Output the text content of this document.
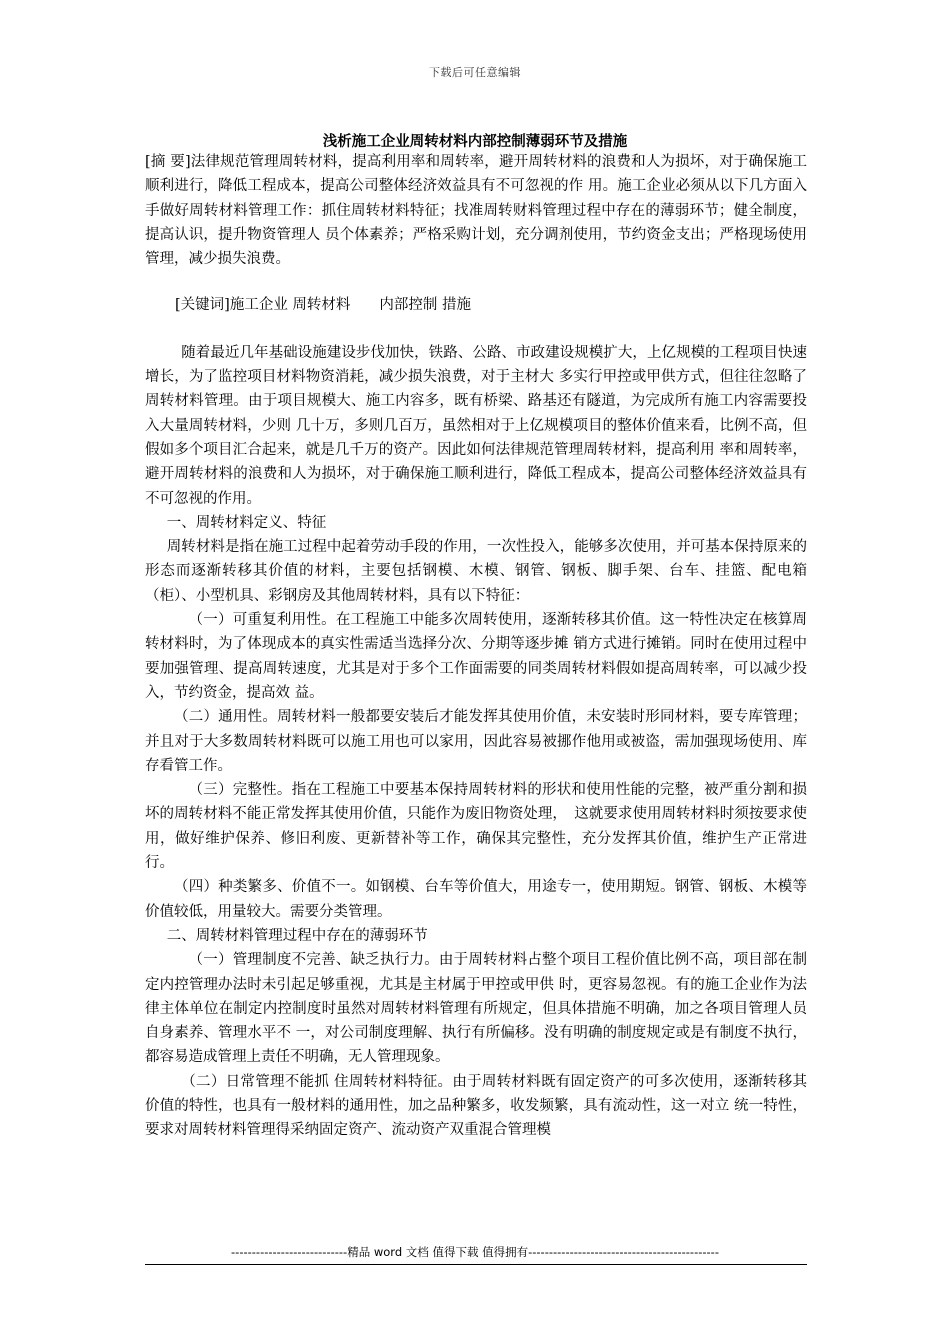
下载后可任意编辑
浅析施工企业周转材料内部控制薄弱环节及措施

[摘 要]法律规范管理周转材料，提高利用率和周转率，避开周转材料的浪费和人为损坏，对于确保施工顺利进行，降低工程成本，提高公司整体经济效益具有不可忽视的作 用。施工企业必须从以下几方面入手做好周转材料管理工作：抓住周转材料特征；找准周转财料管理过程中存在的薄弱环节；健全制度，提高认识，提升物资管理人 员个体素养；严格采购计划，充分调剂使用，节约资金支出；严格现场使用管理，减少损失浪费。

[关键词]施工企业 周转材料　　内部控制 措施

随着最近几年基础设施建设步伐加快，铁路、公路、市政建设规模扩大，上亿规模的工程项目快速增长，为了监控项目材料物资消耗，减少损失浪费，对于主材大 多实行甲控或甲供方式，但往往忽略了周转材料管理。由于项目规模大、施工内容多，既有桥梁、路基还有隧道，为完成所有施工内容需要投入大量周转材料，少则 几十万，多则几百万，虽然相对于上亿规模项目的整体价值来看，比例不高，但假如多个项目汇合起来，就是几千万的资产。因此如何法律规范管理周转材料，提高利用 率和周转率，避开周转材料的浪费和人为损坏，对于确保施工顺利进行，降低工程成本，提高公司整体经济效益具有不可忽视的作用。

一、周转材料定义、特征

周转材料是指在施工过程中起着劳动手段的作用，一次性投入，能够多次使用，并可基本保持原来的形态而逐渐转移其价值的材料，主要包括钢模、木模、钢管、钢板、脚手架、台车、挂篮、配电箱（柜）、小型机具、彩钢房及其他周转材料，具有以下特征：

（一）可重复利用性。在工程施工中能多次周转使用，逐渐转移其价值。这一特性决定在核算周转材料时，为了体现成本的真实性需适当选择分次、分期等逐步摊 销方式进行摊销。同时在使用过程中要加强管理、提高周转速度，尤其是对于多个工作面需要的同类周转材料假如提高周转率，可以减少投入，节约资金，提高效 益。

（二）通用性。周转材料一般都要安装后才能发挥其使用价值，未安装时形同材料，要专库管理；并且对于大多数周转材料既可以施工用也可以家用，因此容易被挪作他用或被盗，需加强现场使用、库存看管工作。

（三）完整性。指在工程施工中要基本保持周转材料的形状和使用性能的完整，被严重分割和损坏的周转材料不能正常发挥其使用价值，只能作为废旧物资处理，　这就要求使用周转材料时须按要求使用，做好维护保养、修旧利废、更新替补等工作，确保其完整性，充分发挥其价值，维护生产正常进行。

（四）种类繁多、价值不一。如钢模、台车等价值大，用途专一，使用期短。钢管、钢板、木模等价值较低，用量较大。需要分类管理。

二、周转材料管理过程中存在的薄弱环节

（一）管理制度不完善、缺乏执行力。由于周转材料占整个项目工程价值比例不高，项目部在制定内控管理办法时未引起足够重视，尤其是主材属于甲控或甲供 时，更容易忽视。有的施工企业作为法律主体单位在制定内控制度时虽然对周转材料管理有所规定，但具体措施不明确，加之各项目管理人员自身素养、管理水平不 一，对公司制度理解、执行有所偏移。没有明确的制度规定或是有制度不执行，都容易造成管理上责任不明确，无人管理现象。

（二）日常管理不能抓 住周转材料特征。由于周转材料既有固定资产的可多次使用，逐渐转移其价值的特性，也具有一般材料的通用性，加之品种繁多，收发频繁，具有流动性，这一对立 统一特性，要求对周转材料管理得采纳固定资产、流动资产双重混合管理模

----------------------------精品 word 文档 值得下载 值得拥有----------------------------------------------
